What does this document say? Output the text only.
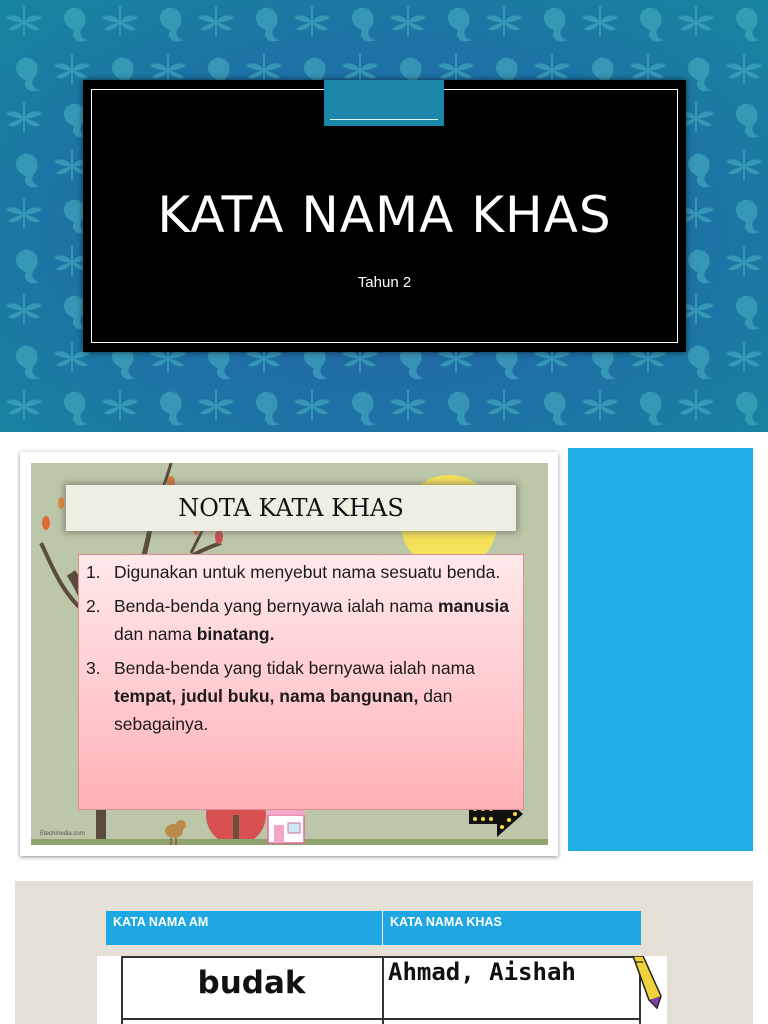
KATA NAMA KHAS
Tahun 2
NOTA KATA KHAS
1. Digunakan untuk menyebut nama sesuatu benda.
2. Benda-benda yang bernyawa ialah nama manusia dan nama binatang.
3. Benda-benda yang tidak bernyawa ialah nama tempat, judul buku, nama bangunan, dan sebagainya.
Etechmedia.com
KATA NAMA AM	KATA NAMA KHAS
budak	Ahmad, Aishah
